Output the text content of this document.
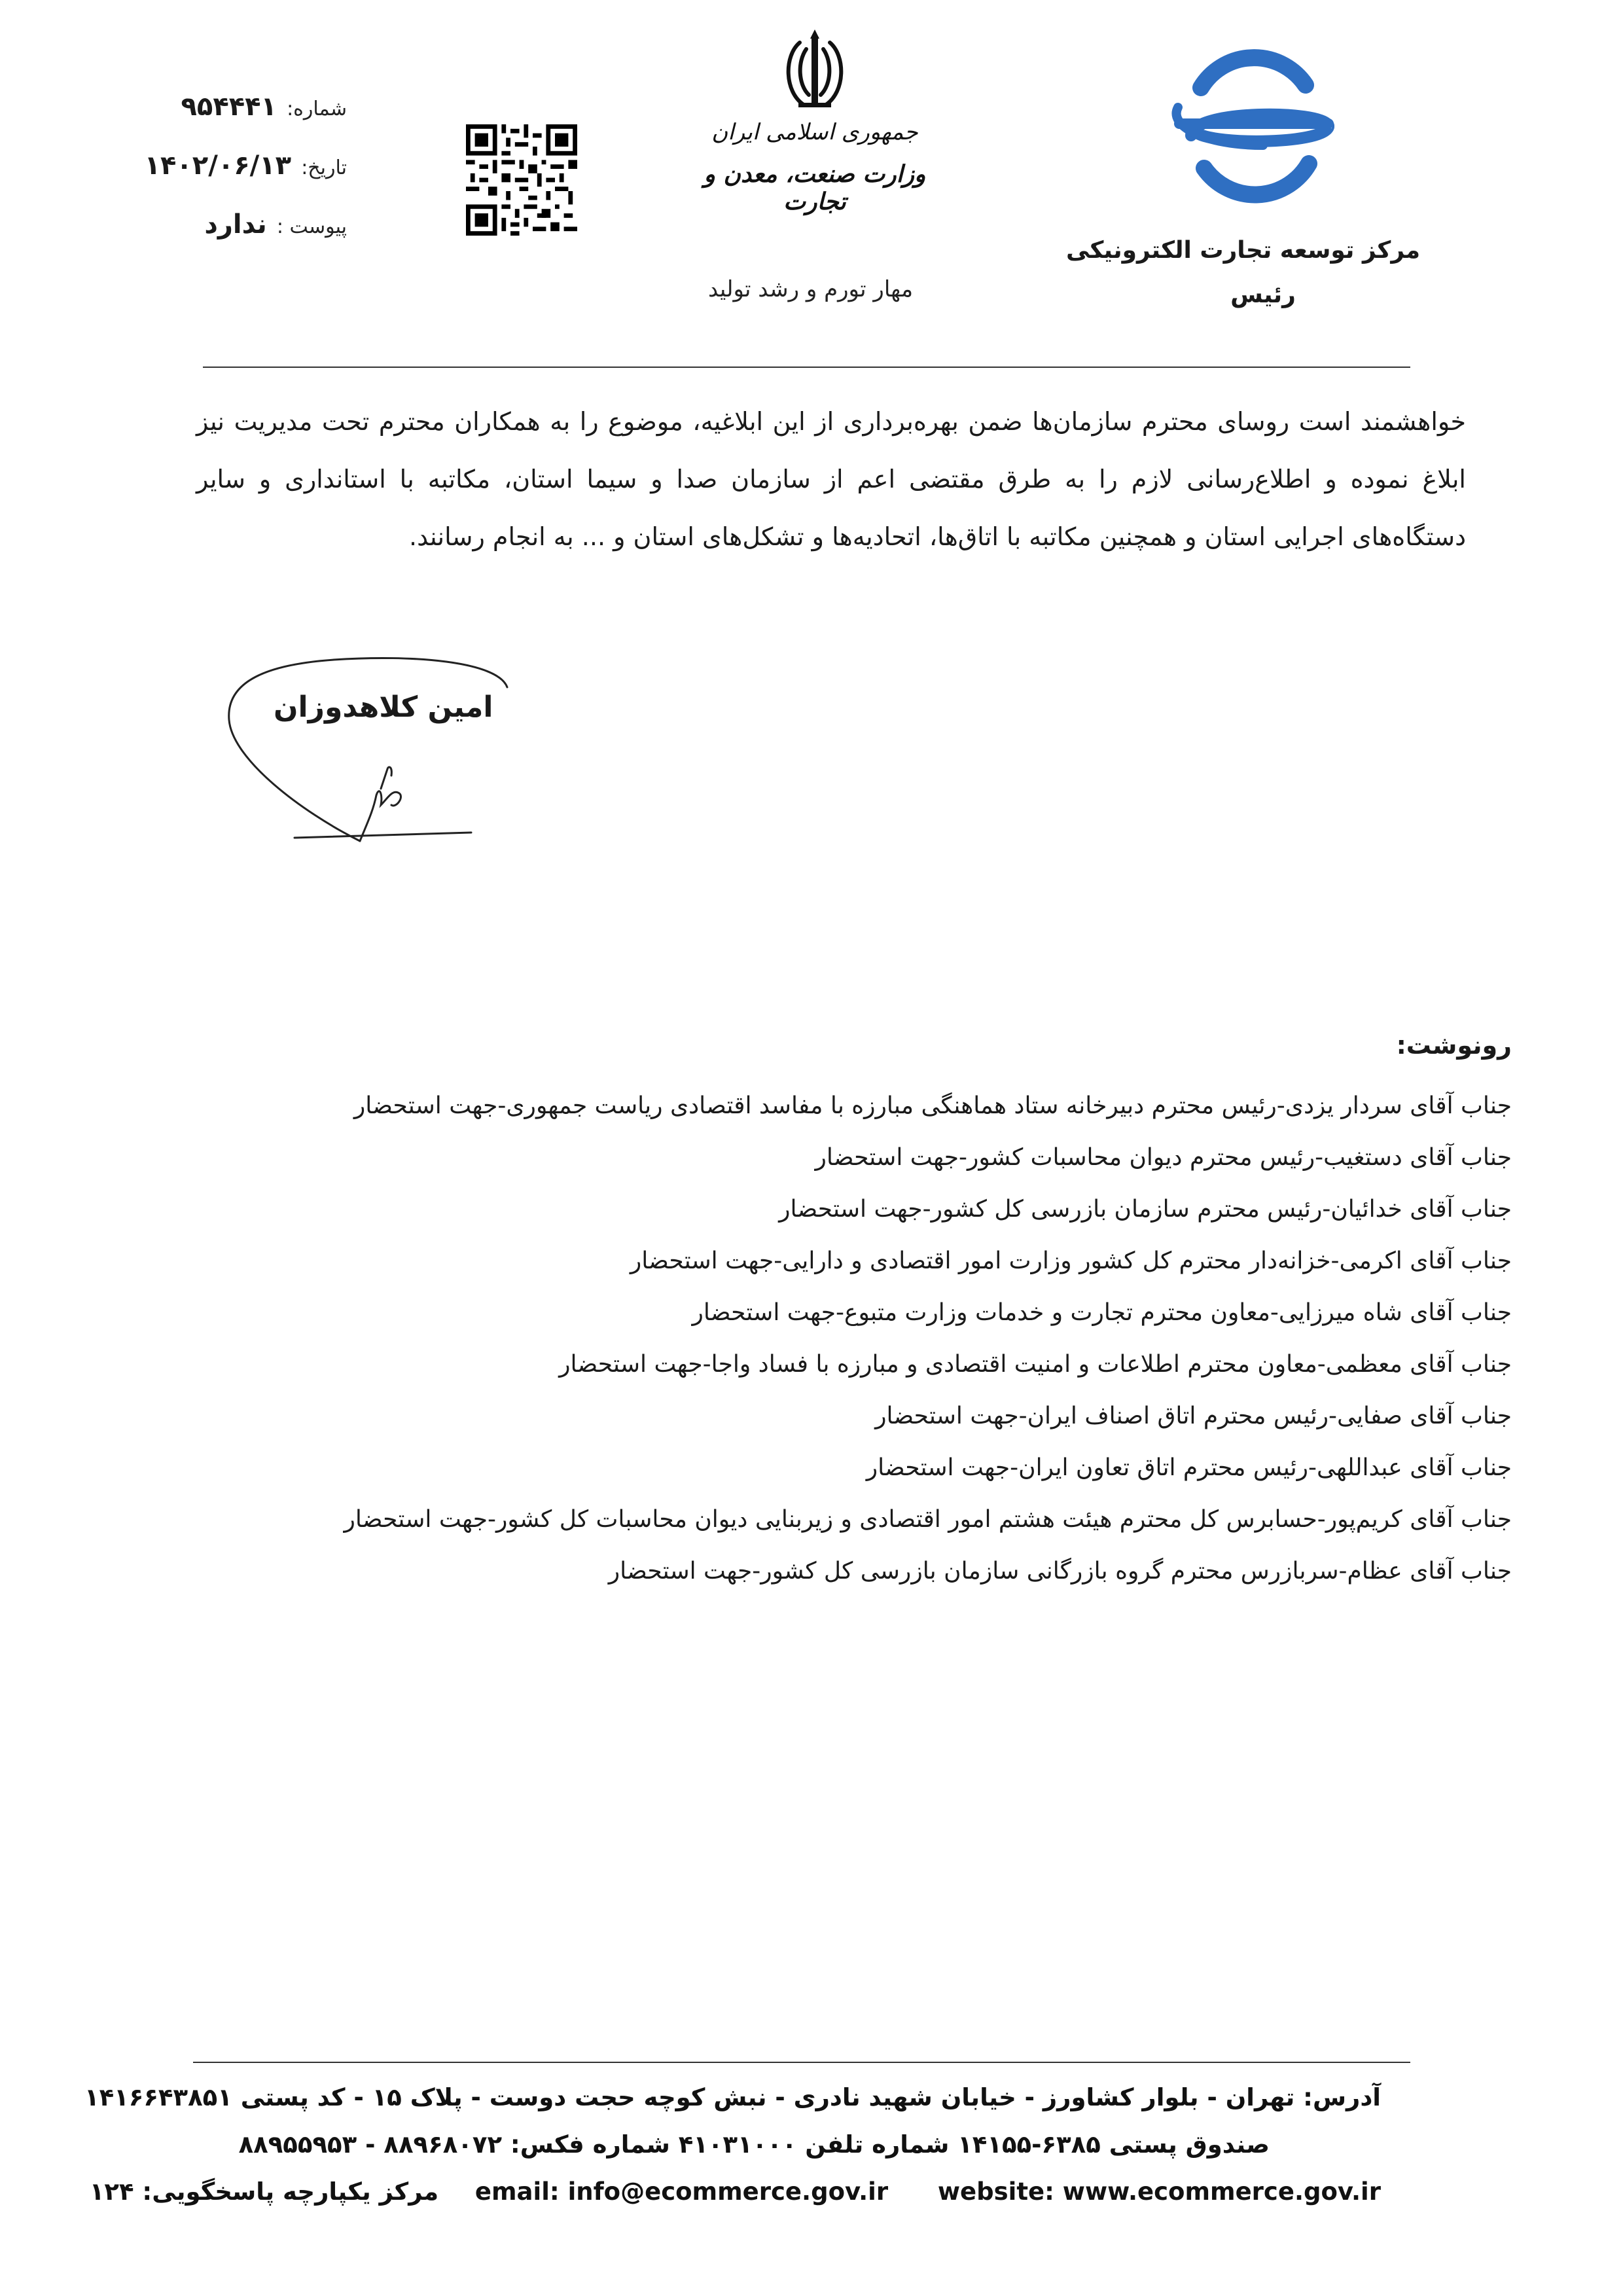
شماره: ۹۵۴۴۴۱
تاریخ: ۱۴۰۲/۰۶/۱۳
پیوست : ندارد
جمهوری اسلامی ایران
وزارت صنعت، معدن و تجارت
مهار تورم و رشد تولید
مرکز توسعه تجارت الکترونیکی
رئیس
خواهشمند است روسای محترم سازمان‌ها ضمن بهره‌برداری از این ابلاغیه، موضوع را به همکاران محترم تحت مدیریت نیز ابلاغ نموده و اطلاع‌رسانی لازم را به طرق مقتضی اعم از سازمان صدا و سیما استان، مکاتبه با استانداری و سایر دستگاه‌های اجرایی استان و همچنین مکاتبه با اتاق‌ها، اتحادیه‌ها و تشکل‌های استان و ... به انجام رسانند.
امین کلاهدوزان
رونوشت:
جناب آقای سردار یزدی-رئیس محترم دبیرخانه ستاد هماهنگی مبارزه با مفاسد اقتصادی ریاست جمهوری-جهت استحضار
جناب آقای دستغیب-رئیس محترم دیوان محاسبات کشور-جهت استحضار
جناب آقای خدائیان-رئیس محترم سازمان بازرسی کل کشور-جهت استحضار
جناب آقای اکرمی-خزانه‌دار محترم کل کشور وزارت امور اقتصادی و دارایی-جهت استحضار
جناب آقای شاه میرزایی-معاون محترم تجارت و خدمات وزارت متبوع-جهت استحضار
جناب آقای معظمی-معاون محترم اطلاعات و امنیت اقتصادی و مبارزه با فساد واجا-جهت استحضار
جناب آقای صفایی-رئیس محترم اتاق اصناف ایران-جهت استحضار
جناب آقای عبداللهی-رئیس محترم اتاق تعاون ایران-جهت استحضار
جناب آقای کریم‌پور-حسابرس کل محترم هیئت هشتم امور اقتصادی و زیربنایی دیوان محاسبات کل کشور-جهت استحضار
جناب آقای عظام-سربازرس محترم گروه بازرگانی سازمان بازرسی کل کشور-جهت استحضار
آدرس: تهران - بلوار کشاورز - خیابان شهید نادری - نبش کوچه حجت دوست - پلاک ۱۵ - کد پستی ۱۴۱۶۶۴۳۸۵۱
صندوق پستی ۶۳۸۵-۱۴۱۵۵ شماره تلفن ۴۱۰۳۱۰۰۰ شماره فکس: ۸۸۹۶۸۰۷۲ - ۸۸۹۵۵۹۵۳
website: www.ecommerce.gov.ir  email: info@ecommerce.gov.ir  مرکز یکپارچه پاسخگویی: ۱۲۴
